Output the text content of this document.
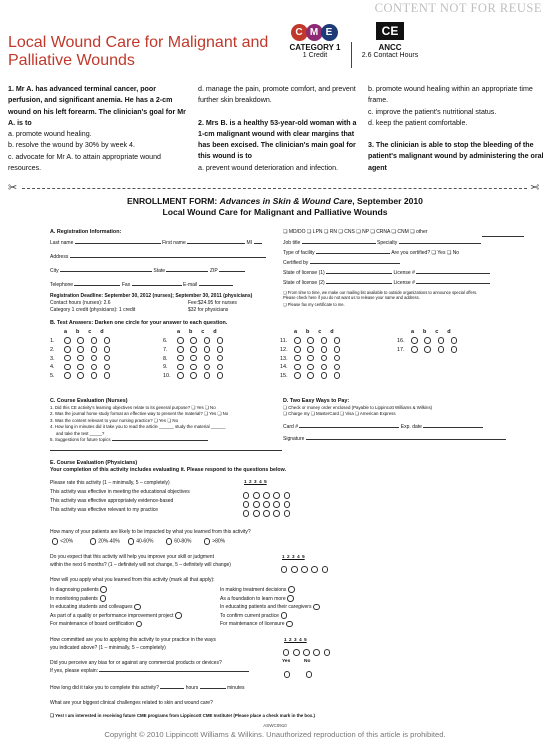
CONTENT NOT FOR REUSE
Local Wound Care for Malignant and
Palliative Wounds
C M E
CATEGORY 1
1 Credit
CE
ANCC
2.6 Contact Hours

1. Mr A. has advanced terminal cancer, poor perfusion, and significant anemia. He has a 2-cm wound on his left forearm. The clinician's goal for Mr A. is to

a. promote wound healing.

b. resolve the wound by 30% by week 4.

c. advocate for Mr A. to attain appropriate wound resources.

d. manage the pain, promote comfort, and prevent further skin breakdown.

2. Mrs B. is a healthy 53-year-old woman with a 1-cm malignant wound with clear margins that has been excised. The clinician's main goal for this wound is to

a. prevent wound deterioration and infection.

b. promote wound healing within an appropriate time frame.

c. improve the patient's nutritional status.

d. keep the patient comfortable.

3. The clinician is able to stop the bleeding of the patient's malignant wound by administering the oral agent

✂	✂
ENROLLMENT FORM: Advances in Skin & Wound Care, September 2010
Local Wound Care for Malignant and Palliative Wounds
A. Registration Information:
Last name	First name	MI
Address
City	State	ZIP
Telephone	Fax	E-mail
Registration Deadline: September 30, 2012 (nurses); September 30, 2011 (physicians)
Contact hours (nurses): 2.6	Fee:$24.95 for nurses
Category 1 credit (physicians): 1 credit	$32 for physicians
❏ MD/DO ❏ LPN ❏ RN ❏ CNS ❏ NP ❏ CRNA ❏ CNM ❏ other
Job title	Specialty
Type of facility	Are you certified? ❏ Yes ❏ No
Certified by
State of license (1)	License #
State of license (2)	License #
❏ From time to time, we make our mailing list available to outside organizations to announce special offers. Please check here if you do not want us to release your name and address.
❏ Please fax my certificate to me.
B. Test Answers: Darken one circle for your answer to each question.
a b c d
1.
2.
3.
4.
5.
a b c d
6.
7.
8.
9.
10.
a b c d
11.
12.
13.
14.
15.
a b c d
16.
17.
C. Course Evaluation (Nurses)
1. Did this CE activity's learning objectives relate to its general purpose? ❏ Yes ❏ No
2. Was the journal home study format an effective way to present the material? ❏ Yes ❏ No
3. Was the content relevant to your nursing practice? ❏ Yes ❏ No
4. How long in minutes did it take you to read the article ______ study the material ______
and take the test _____?
5. Suggestions for future topics
D. Two Easy Ways to Pay:
❏ Check or money order enclosed (Payable to Lippincott Williams & Wilkins)
❏ Charge my ❏ MasterCard ❏ Visa ❏ American Express
Card #	Exp. date
Signature
E. Course Evaluation (Physicians)
Your completion of this activity includes evaluating it. Please respond to the questions below.
Please rate this activity (1 – minimally, 5 – completely)	1 2 3 4 5
This activity was effective in meeting the educational objectives
This activity was effective appropriately evidence-based
This activity was effective relevant to my practice
How many of your patients are likely to be impacted by what you learned from this activity?
<20%	20%-40%	40-60%	60-80%	>80%
Do you expect that this activity will help you improve your skill or judgment
within the next 6 months? (1 – definitely will not change, 5 – definitely will change)
1 2 3 4 5
How will you apply what you learned from this activity (mark all that apply):
In diagnosing patients
In monitoring patients
In educating students and colleagues
As part of a quality or performance improvement project
For maintenance of board certification
In making treatment decisions
As a foundation to learn more
In educating patients and their caregivers
To confirm current practice
For maintenance of licensure
How committed are you to applying this activity to your practice in the ways
you indicated above? (1 – minimally, 5 – completely)
1 2 3 4 5
Did you perceive any bias for or against any commercial products or devices?
If yes, please explain:
Yes	No
How long did it take you to complete this activity?	hours	minutes
What are your biggest clinical challenges related to skin and wound care?
❏ Yes! I am interested in receiving future CME programs from Lippincott CME Institute! (Please place a check mark in the box.)
ASWC0910
Copyright © 2010 Lippincott Williams & Wilkins. Unauthorized reproduction of this article is prohibited.
